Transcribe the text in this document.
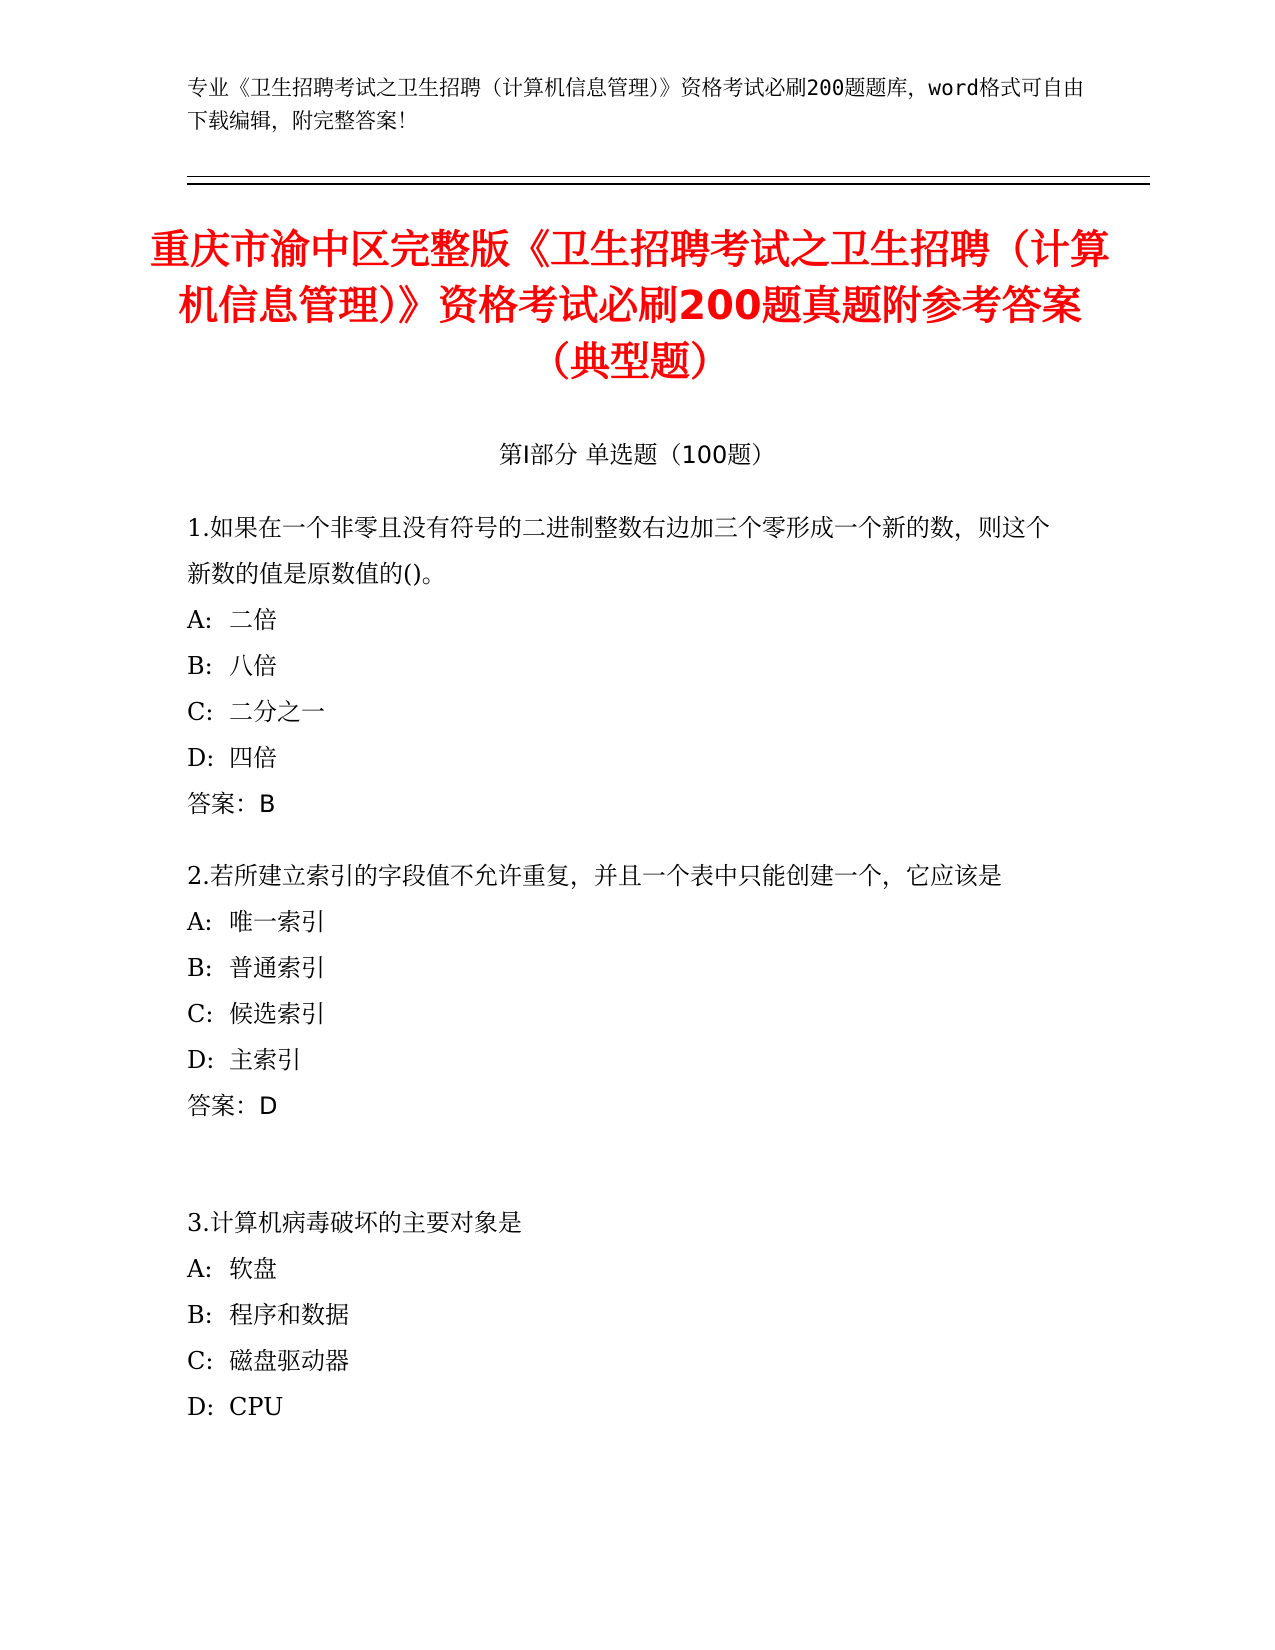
专业《卫生招聘考试之卫生招聘（计算机信息管理）》资格考试必刷200题题库，word格式可自由下载编辑，附完整答案！
重庆市渝中区完整版《卫生招聘考试之卫生招聘（计算机信息管理）》资格考试必刷200题真题附参考答案（典型题）
第Ⅰ部分 单选题（100题）
1.如果在一个非零且没有符号的二进制整数右边加三个零形成一个新的数，则这个新数的值是原数值的()。
A: 二倍
B: 八倍
C: 二分之一
D: 四倍
答案：B
2.若所建立索引的字段值不允许重复，并且一个表中只能创建一个，它应该是
A: 唯一索引
B: 普通索引
C: 候选索引
D: 主索引
答案：D
3.计算机病毒破坏的主要对象是
A: 软盘
B: 程序和数据
C: 磁盘驱动器
D: CPU
